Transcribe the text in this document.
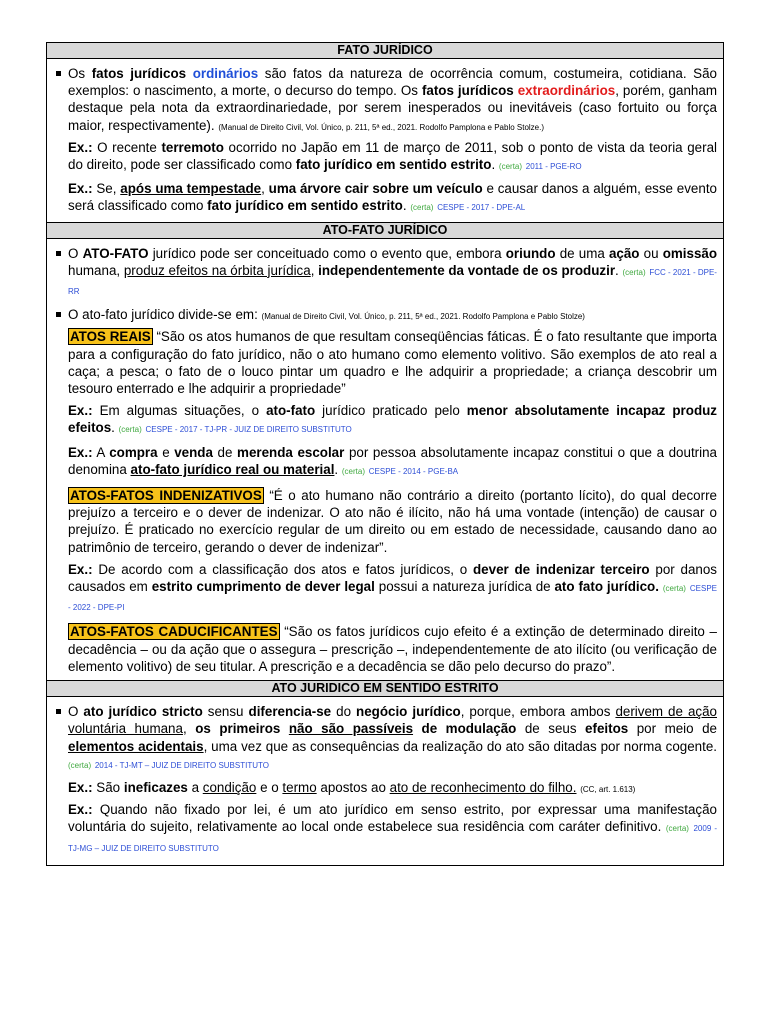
FATO JURÍDICO

Os fatos jurídicos ordinários são fatos da natureza de ocorrência comum, costumeira, cotidiana. São exemplos: o nascimento, a morte, o decurso do tempo. Os fatos jurídicos extraordinários, porém, ganham destaque pela nota da extraordinariedade, por serem inesperados ou inevitáveis (caso fortuito ou força maior, respectivamente). (Manual de Direito Civil, Vol. Único, p. 211, 5ª ed., 2021. Rodolfo Pamplona e Pablo Stolze.)

Ex.: O recente terremoto ocorrido no Japão em 11 de março de 2011, sob o ponto de vista da teoria geral do direito, pode ser classificado como fato jurídico em sentido estrito. (certa) 2011 - PGE-RO

Ex.: Se, após uma tempestade, uma árvore cair sobre um veículo e causar danos a alguém, esse evento será classificado como fato jurídico em sentido estrito. (certa) CESPE - 2017 - DPE-AL

ATO-FATO JURÍDICO

O ATO-FATO jurídico pode ser conceituado como o evento que, embora oriundo de uma ação ou omissão humana, produz efeitos na órbita jurídica, independentemente da vontade de os produzir. (certa) FCC - 2021 - DPE-RR

O ato-fato jurídico divide-se em: (Manual de Direito Civil, Vol. Único, p. 211, 5ª ed., 2021. Rodolfo Pamplona e Pablo Stolze)

ATOS REAIS “São os atos humanos de que resultam conseqüências fáticas. É o fato resultante que importa para a configuração do fato jurídico, não o ato humano como elemento volitivo. São exemplos de ato real a caça; a pesca; o fato de o louco pintar um quadro e lhe adquirir a propriedade; a criança descobrir um tesouro enterrado e lhe adquirir a propriedade”

Ex.: Em algumas situações, o ato-fato jurídico praticado pelo menor absolutamente incapaz produz efeitos. (certa) CESPE - 2017 - TJ-PR - JUIZ DE DIREITO SUBSTITUTO

Ex.: A compra e venda de merenda escolar por pessoa absolutamente incapaz constitui o que a doutrina denomina ato-fato jurídico real ou material. (certa) CESPE - 2014 - PGE-BA

ATOS-FATOS INDENIZATIVOS “É o ato humano não contrário a direito (portanto lícito), do qual decorre prejuízo a terceiro e o dever de indenizar. O ato não é ilícito, não há uma vontade (intenção) de causar o prejuízo. É praticado no exercício regular de um direito ou em estado de necessidade, causando dano ao patrimônio de terceiro, gerando o dever de indenizar”.

Ex.: De acordo com a classificação dos atos e fatos jurídicos, o dever de indenizar terceiro por danos causados em estrito cumprimento de dever legal possui a natureza jurídica de ato fato jurídico. (certa) CESPE - 2022 - DPE-PI

ATOS-FATOS CADUCIFICANTES “São os fatos jurídicos cujo efeito é a extinção de determinado direito – decadência – ou da ação que o assegura – prescrição –, independentemente de ato ilícito (ou verificação de elemento volitivo) de seu titular. A prescrição e a decadência se dão pelo decurso do prazo”.

ATO JURIDICO EM SENTIDO ESTRITO

O ato jurídico stricto sensu diferencia-se do negócio jurídico, porque, embora ambos derivem de ação voluntária humana, os primeiros não são passíveis de modulação de seus efeitos por meio de elementos acidentais, uma vez que as consequências da realização do ato são ditadas por norma cogente. (certa) 2014 - TJ-MT – JUIZ DE DIREITO SUBSTITUTO

Ex.: São ineficazes a condição e o termo apostos ao ato de reconhecimento do filho. (CC, art. 1.613)

Ex.: Quando não fixado por lei, é um ato jurídico em senso estrito, por expressar uma manifestação voluntária do sujeito, relativamente ao local onde estabelece sua residência com caráter definitivo. (certa) 2009 - TJ-MG – JUIZ DE DIREITO SUBSTITUTO
